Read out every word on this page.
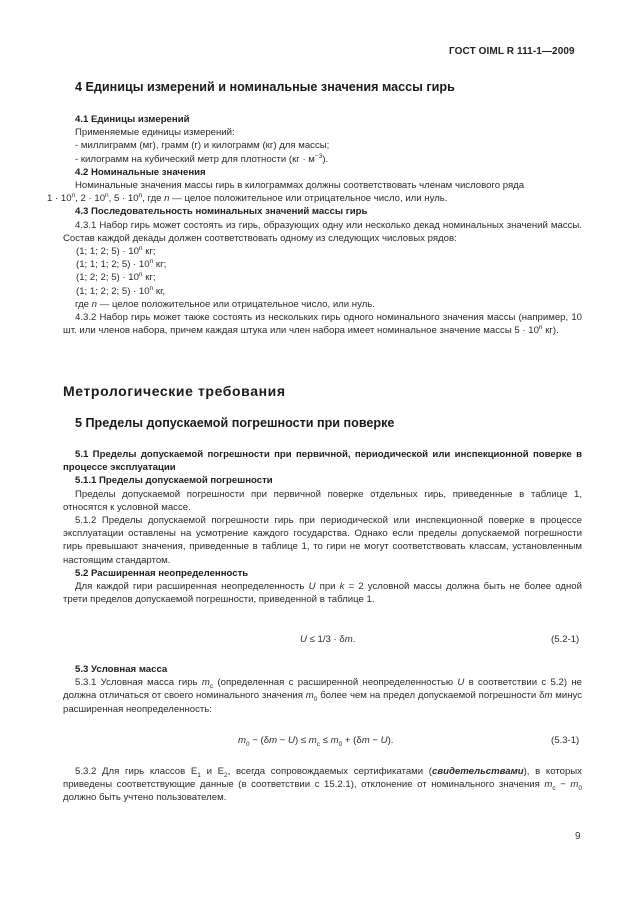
ГОСТ OIML R 111-1—2009

4 Единицы измерений и номинальные значения массы гирь

4.1 Единицы измерений

Применяемые единицы измерений:

- миллиграмм (мг), грамм (г) и килограмм (кг) для массы;

- килограмм на кубический метр для плотности $(кг \cdot м^{-3})$.

4.2 Номинальные значения

Номинальные значения массы гирь в килограммах должны соответствовать членам числового ряда

$1 \cdot 10^n$, $2 \cdot 10^n$, $5 \cdot 10^n$, где n — целое положительное или отрицательное число, или нуль.

4.3 Последовательность номинальных значений массы гирь

4.3.1 Набор гирь может состоять из гирь, образующих одну или несколько декад номинальных значений массы. Состав каждой декады должен соответствовать одному из следующих числовых рядов:

(1; 1; 2; $5) \cdot 10^n$ кг;

(1; 1; 1; 2; $5) \cdot 10^n$ кг;

(1; 2; 2; $5) \cdot 10^n$ кг;

(1; 1; 2; 2; $5) \cdot 10^n$ кг,

где n — целое положительное или отрицательное число, или нуль.

4.3.2 Набор гирь может также состоять из нескольких гирь одного номинального значения массы (например, 10 шт. или членов набора, причем каждая штука или член набора имеет номинальное значение массы $5 \cdot 10^n$ кг).

Метрологические требования

5 Пределы допускаемой погрешности при поверке

5.1 Пределы допускаемой погрешности при первичной, периодической или инспекционной поверке в процессе эксплуатации

5.1.1 Пределы допускаемой погрешности

Пределы допускаемой погрешности при первичной поверке отдельных гирь, приведенные в таблице 1, относятся к условной массе.

5.1.2 Пределы допускаемой погрешности гирь при периодической или инспекционной поверке в процессе эксплуатации оставлены на усмотрение каждого государства. Однако если пределы допускаемой погрешности гирь превышают значения, приведенные в таблице 1, то гири не могут соответствовать классам, установленным настоящим стандартом.

5.2 Расширенная неопределенность

Для каждой гири расширенная неопределенность U при k = 2 условной массы должна быть не более одной трети пределов допускаемой погрешности, приведенной в таблице 1.

U ≤ 1/3 · δm.	(5.2-1)

5.3 Условная масса

5.3.1 Условная масса гирь $m_c$ (определенная с расширенной неопределенностью U в соответствии с 5.2) не должна отличаться от своего номинального значения $m_0$ более чем на предел допускаемой погрешности δm минус расширенная неопределенность:

$m_0 - (\delta m - U) \le m_c \le m_0 + (\delta m - U)$.	(5.3-1)

5.3.2 Для гирь классов $E_1$ и $E_2$, всегда сопровождаемых сертификатами (свидетельствами), в которых приведены соответствующие данные (в соответствии с 15.2.1), отклонение от номинального значения $m_c - m_0$ должно быть учтено пользователем.

9
